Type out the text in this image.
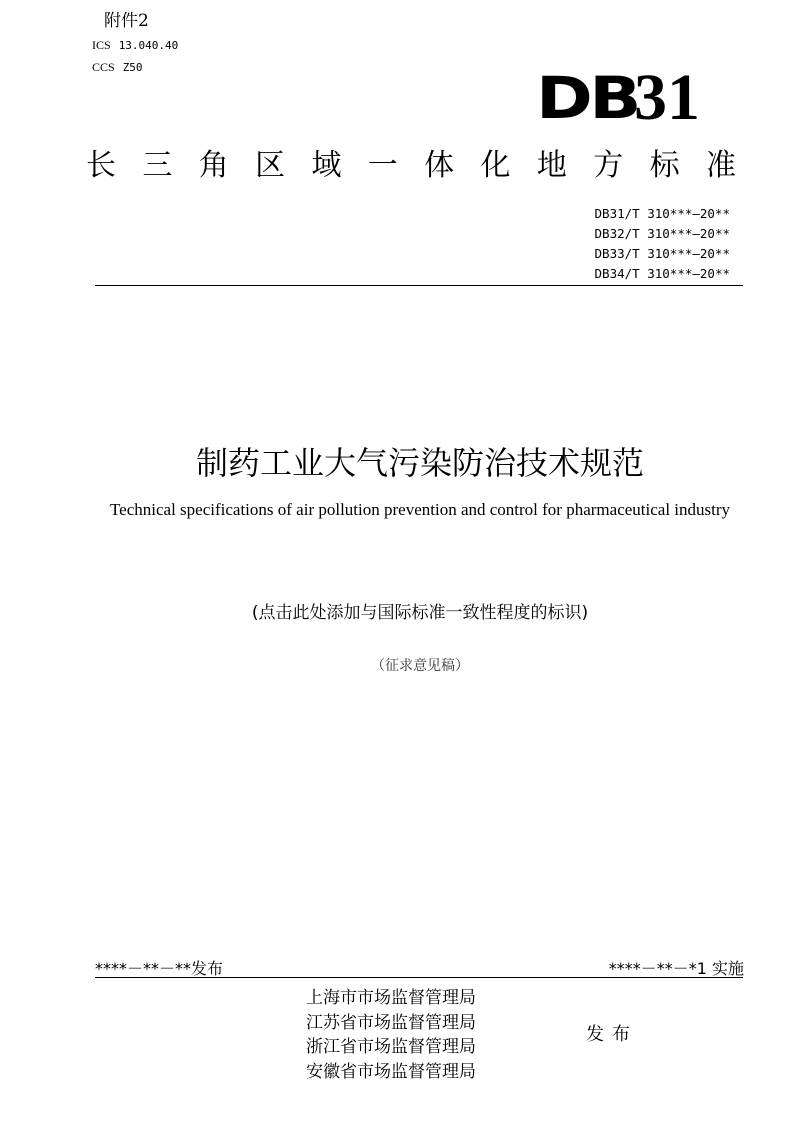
附件2
ICS 13.040.40
CCS Z50	DB
31
长 三 角 区 域 一 体 化 地 方 标 准
DB31/T 310***—20**
DB32/T 310***—20**
DB33/T 310***—20**
DB34/T 310***—20**
制药工业大气污染防治技术规范
Technical specifications of air pollution prevention and control for pharmaceutical industry
(点击此处添加与国际标准一致性程度的标识)
（征求意见稿）
****－**－**发布	****－**－*1 实施
上海市市场监督管理局
江苏省市场监督管理局
浙江省市场监督管理局
安徽省市场监督管理局
发布
